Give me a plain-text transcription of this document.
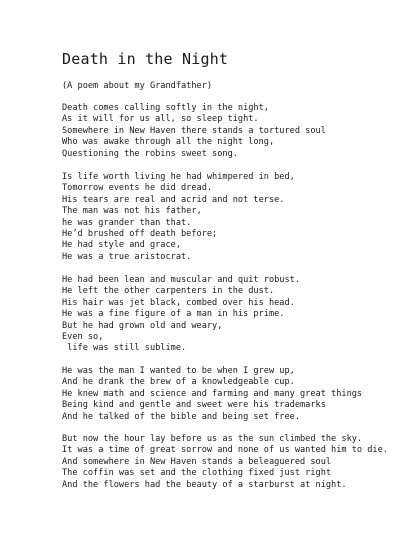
Death in the Night
(A poem about my Grandfather)
Death comes calling softly in the night,
As it will for us all, so sleep tight.
Somewhere in New Haven there stands a tortured soul
Who was awake through all the night long,
Questioning the robins sweet song.
Is life worth living he had whimpered in bed,
Tomorrow events he did dread.
His tears are real and acrid and not terse.
The man was not his father,
he was grander than that.
He’d brushed off death before;
He had style and grace,
He was a true aristocrat.
He had been lean and muscular and quit robust.
He left the other carpenters in the dust.
His hair was jet black, combed over his head.
He was a fine figure of a man in his prime.
But he had grown old and weary,
Even so,
life was still sublime.
He was the man I wanted to be when I grew up,
And he drank the brew of a knowledgeable cup.
He knew math and science and farming and many great things
Being kind and gentle and sweet were his trademarks
And he talked of the bible and being set free.
But now the hour lay before us as the sun climbed the sky.
It was a time of great sorrow and none of us wanted him to die.
And somewhere in New Haven stands a beleaguered soul
The coffin was set and the clothing fixed just right
And the flowers had the beauty of a starburst at night.
